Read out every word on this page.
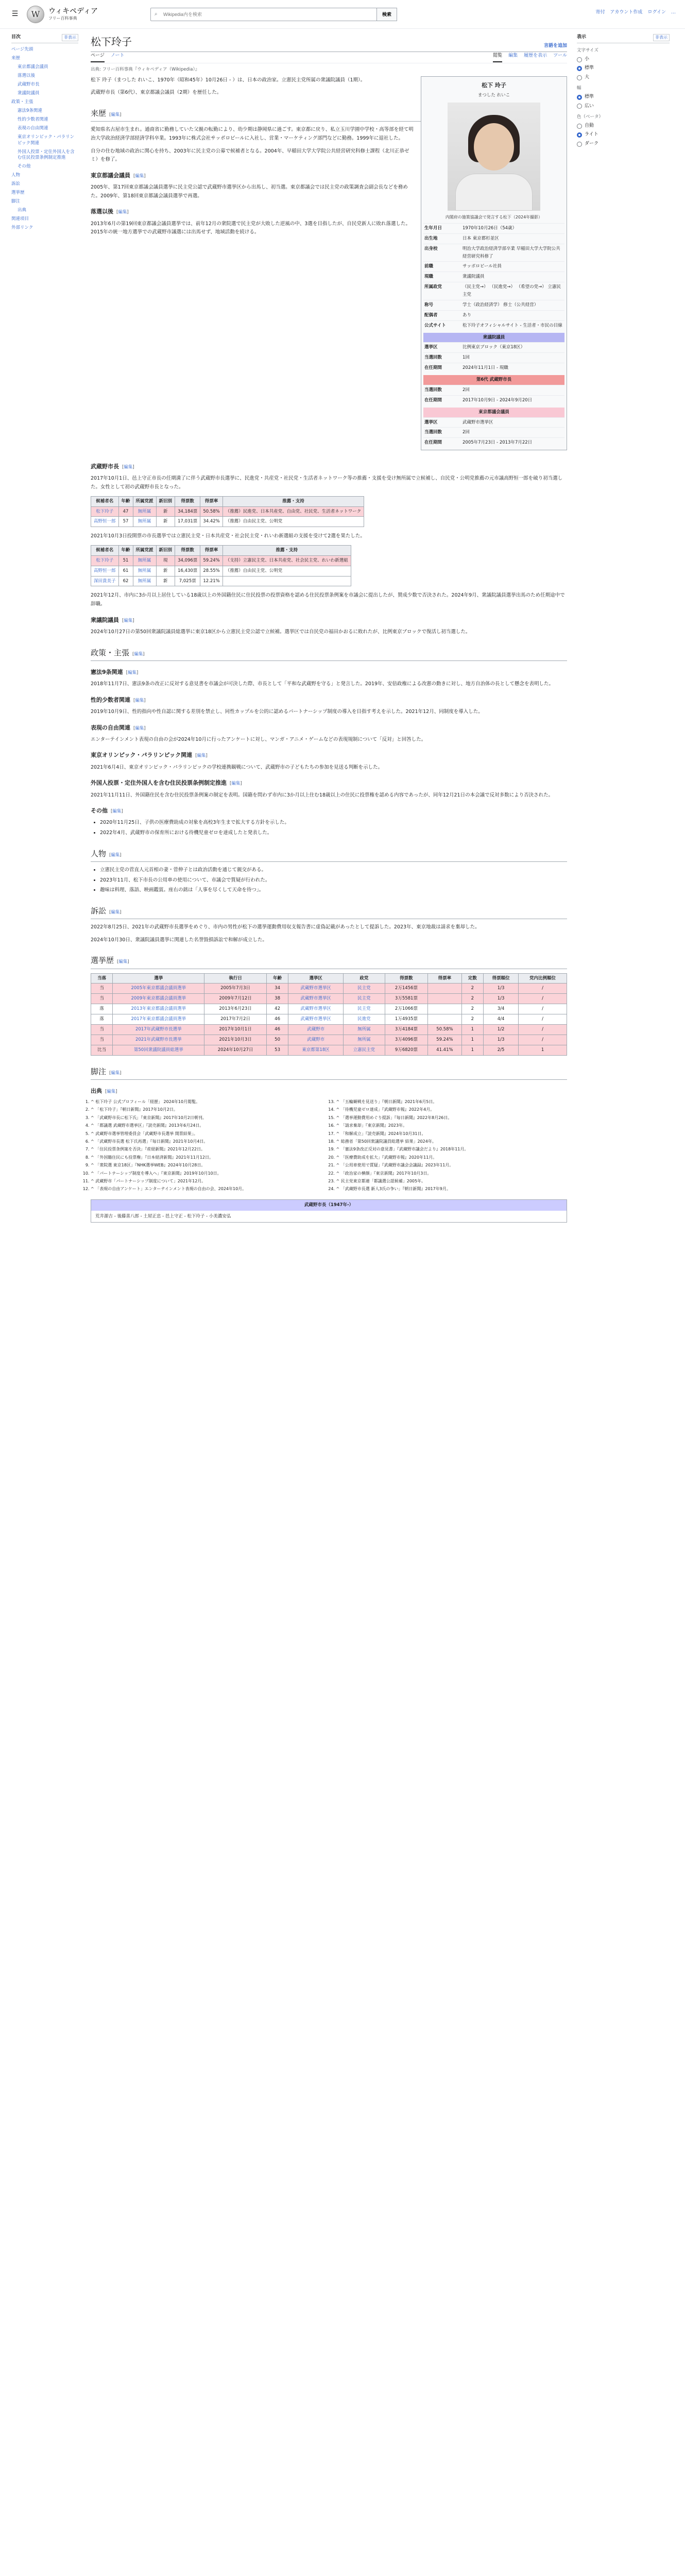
☰	W	ウィキペディア
フリー百科事典
⌕
Wikipedia内を検索	検索	寄付 アカウント作成 ログイン …
目次	非表示
ページ先頭
来歴
東京都議会議員
落選以後
武蔵野市長
衆議院議員
政策・主張
憲法9条関連
性的少数者関連
表現の自由関連
東京オリンピック・パラリンピック関連
外国人投票・定住外国人を含む住民投票条例制定推進
その他
人物
訴訟
選挙歴
脚注
出典
関連項目
外部リンク
松下玲子	言語を追加
ページ ノート	閲覧 編集 履歴を表示 ツール
出典: フリー百科事典『ウィキペディア（Wikipedia）』
松下 玲子
まつした れいこ
内閣府の施策協議会で発言する松下（2024年撮影）
生年月日	1970年10月26日（54歳）
出生地	日本 東京都杉並区
出身校	明治大学政治経済学部卒業 早稲田大学大学院公共経営研究科修了
前職	サッポロビール社員
現職	衆議院議員
所属政党	（民主党→） （民進党→） （希望の党→） 立憲民主党
称号	学士（政治経済学） 修士（公共経営）
配偶者	あり
公式サイト	松下玲子オフィシャルサイト - 生活者・市民の目線
衆議院議員
選挙区	比例東京ブロック（東京18区）
当選回数	1回
在任期間	2024年11月1日 - 現職
第6代 武蔵野市長
当選回数	2回
在任期間	2017年10月9日 - 2024年9月20日
東京都議会議員
選挙区	武蔵野市選挙区
当選回数	2回
在任期間	2005年7月23日 - 2013年7月22日

松下 玲子（まつした れいこ、1970年（昭和45年）10月26日 - ）は、日本の政治家。立憲民主党所属の衆議院議員（1期）。

武蔵野市長（第6代）、東京都議会議員（2期）を歴任した。

来歴 [編集]

愛知県名古屋市生まれ。通商省に勤務していた父親の転勤により、幼少期は静岡県に過ごす。東京都に戻り、私立玉川学園中学校・高等部を経て明治大学政治経済学部経済学科卒業。1993年に株式会社サッポロビールに入社し、営業・マーケティング部門などに勤務。1999年に退社した。

自分の住む地域の政治に関心を持ち、2003年に民主党の公募で候補者となる。2004年、早稲田大学大学院公共経営研究科修士課程（北川正恭ゼミ）を修了。

東京都議会議員 [編集]

2005年、第17回東京都議会議員選挙に民主党公認で武蔵野市選挙区から出馬し、初当選。東京都議会では民主党の政策調査会副会長などを務めた。2009年、第18回東京都議会議員選挙で再選。

落選以後 [編集]

2013年6月の第19回東京都議会議員選挙では、前年12月の衆院選で民主党が大敗した逆風の中、3選を目指したが、自民党新人に敗れ落選した。2015年の統一地方選挙での武蔵野市議選には出馬せず、地域活動を続ける。

武蔵野市長 [編集]

2017年10月1日、邑上守正市長の任期満了に伴う武蔵野市長選挙に、民進党・共産党・社民党・生活者ネットワーク等の推薦・支援を受け無所属で立候補し、自民党・公明党推薦の元市議高野恒一郎を破り初当選した。女性として初の武蔵野市長となった。

候補者名	年齢	所属党派	新旧別	得票数	得票率	推薦・支持
松下玲子	47	無所属	新	34,184票	50.58%	（推薦）民進党、日本共産党、自由党、社民党、生活者ネットワーク
高野恒一郎	57	無所属	新	17,031票	34.42%	（推薦）自由民主党、公明党

2021年10月3日投開票の市長選挙では立憲民主党・日本共産党・社会民主党・れいわ新選組の支援を受けて2選を果たした。

候補者名	年齢	所属党派	新旧別	得票数	得票率	推薦・支持
松下玲子	51	無所属	現	34,096票	59.24%	（支持）立憲民主党、日本共産党、社会民主党、れいわ新選組
高野恒一郎	61	無所属	新	16,430票	28.55%	（推薦）自由民主党、公明党
深田貴美子	62	無所属	新	7,025票	12.21%	

2021年12月、市内に3か月以上居住している18歳以上の外国籍住民に住民投票の投票資格を認める住民投票条例案を市議会に提出したが、賛成少数で否決された。2024年9月、衆議院議員選挙出馬のため任期途中で辞職。

衆議院議員 [編集]

2024年10月27日の第50回衆議院議員総選挙に東京18区から立憲民主党公認で立候補。選挙区では自民党の福田かおるに敗れたが、比例東京ブロックで復活し初当選した。

政策・主張 [編集]
憲法9条関連 [編集]

2018年11月7日、憲法9条の改正に反対する意見書を市議会が可決した際、市長として「平和な武蔵野を守る」と発言した。2019年、安倍政権による改憲の動きに対し、地方自治体の長として懸念を表明した。

性的少数者関連 [編集]

2019年10月9日、性的指向や性自認に関する差別を禁止し、同性カップルを公的に認めるパートナーシップ制度の導入を目指す考えを示した。2021年12月、同制度を導入した。

表現の自由関連 [編集]

エンターテインメント表現の自由の会が2024年10月に行ったアンケートに対し、マンガ・アニメ・ゲームなどの表現規制について「反対」と回答した。

東京オリンピック・パラリンピック関連 [編集]

2021年6月4日、東京オリンピック・パラリンピックの学校連携観戦について、武蔵野市の子どもたちの参加を見送る判断を示した。

外国人投票・定住外国人を含む住民投票条例制定推進 [編集]

2021年11月11日、外国籍住民を含む住民投票条例案の制定を表明。国籍を問わず市内に3か月以上住む18歳以上の住民に投票権を認める内容であったが、同年12月21日の本会議で反対多数により否決された。

その他 [編集]
• 2020年11月25日、子供の医療費助成の対象を高校3年生まで拡大する方針を示した。
• 2022年4月、武蔵野市の保育所における待機児童ゼロを達成したと発表した。
人物 [編集]
• 立憲民主党の菅直人元首相の妻・菅伸子とは政治活動を通じて親交がある。
• 2023年11月、松下市長の公用車の使用について、市議会で質疑が行われた。
• 趣味は料理、落語、映画鑑賞。座右の銘は「人事を尽くして天命を待つ」。
訴訟 [編集]

2022年8月25日、2021年の武蔵野市長選挙をめぐり、市内の男性が松下の選挙運動費用収支報告書に虚偽記載があったとして提訴した。2023年、東京地裁は請求を棄却した。

2024年10月30日、衆議院議員選挙に関連した名誉毀損訴訟で和解が成立した。

選挙歴 [編集]
当落	選挙	執行日	年齢	選挙区	政党	得票数	得票率	定数	得票順位	党内比例順位
当	2005年東京都議会議員選挙	2005年7月3日	34	武蔵野市選挙区	民主党	2万1456票		2	1/3	/
当	2009年東京都議会議員選挙	2009年7月12日	38	武蔵野市選挙区	民主党	3万5581票		2	1/3	/
落	2013年東京都議会議員選挙	2013年6月23日	42	武蔵野市選挙区	民主党	2万1066票		2	3/4	/
落	2017年東京都議会議員選挙	2017年7月2日	46	武蔵野市選挙区	民進党	1万4935票		2	4/4	/
当	2017年武蔵野市長選挙	2017年10月1日	46	武蔵野市	無所属	3万4184票	50.58%	1	1/2	/
当	2021年武蔵野市長選挙	2021年10月3日	50	武蔵野市	無所属	3万4096票	59.24%	1	1/3	/
比当	第50回衆議院議員総選挙	2024年10月27日	53	東京都第18区	立憲民主党	9万6820票	41.41%	1	2/5	1
脚注 [編集]
出典 [編集]
1. ^ 松下玲子 公式プロフィール「経歴」 2024年10月閲覧。
2. ^ 「松下玲子」『朝日新聞』2017年10月2日。
3. ^ 「武蔵野市長に松下氏」『東京新聞』2017年10月2日朝刊。
4. ^ 「都議選 武蔵野市選挙区」『読売新聞』2013年6月24日。
5. ^ 武蔵野市選挙管理委員会「武蔵野市長選挙 開票結果」。
6. ^ 「武蔵野市長選 松下氏再選」『毎日新聞』2021年10月4日。
7. ^ 「住民投票条例案を否決」『産経新聞』2021年12月22日。
8. ^ 「外国籍住民にも投票権」『日本経済新聞』2021年11月12日。
9. ^ 「衆院選 東京18区」『NHK選挙WEB』2024年10月28日。
10. ^ 「パートナーシップ制度を導入へ」『東京新聞』2019年10月10日。
11. ^ 武蔵野市「パートナーシップ制度について」2021年12月。
12. ^ 「表現の自由アンケート」エンターテインメント表現の自由の会、2024年10月。
13. ^ 「五輪観戦を見送り」『朝日新聞』2021年6月5日。
14. ^ 「待機児童ゼロ達成」『武蔵野市報』2022年4月。
15. ^ 「選挙運動費用めぐり提訴」『毎日新聞』2022年8月26日。
16. ^ 「請求棄却」『東京新聞』2023年。
17. ^ 「和解成立」『読売新聞』2024年10月31日。
18. ^ 総務省「第50回衆議院議員総選挙 結果」2024年。
19. ^ 「憲法9条改正反対の意見書」『武蔵野市議会だより』2018年11月。
20. ^ 「医療費助成を拡大」『武蔵野市報』2020年11月。
21. ^ 「公用車使用で質疑」『武蔵野市議会会議録』2023年11月。
22. ^ 「政治家の横顔」『東京新聞』2017年10月3日。
23. ^ 民主党東京都連「都議選公認候補」2005年。
24. ^ 「武蔵野市長選 新人3氏の争い」『朝日新聞』2017年9月。
武蔵野市長（1947年-）
荒井源吉 - 後藤喜八郎 - 土屋正忠 - 邑上守正 - 松下玲子 - 小美濃安弘
表示	非表示
文字サイズ
小
標準
大
幅
標準
広い
色（ベータ）
自動
ライト
ダーク
